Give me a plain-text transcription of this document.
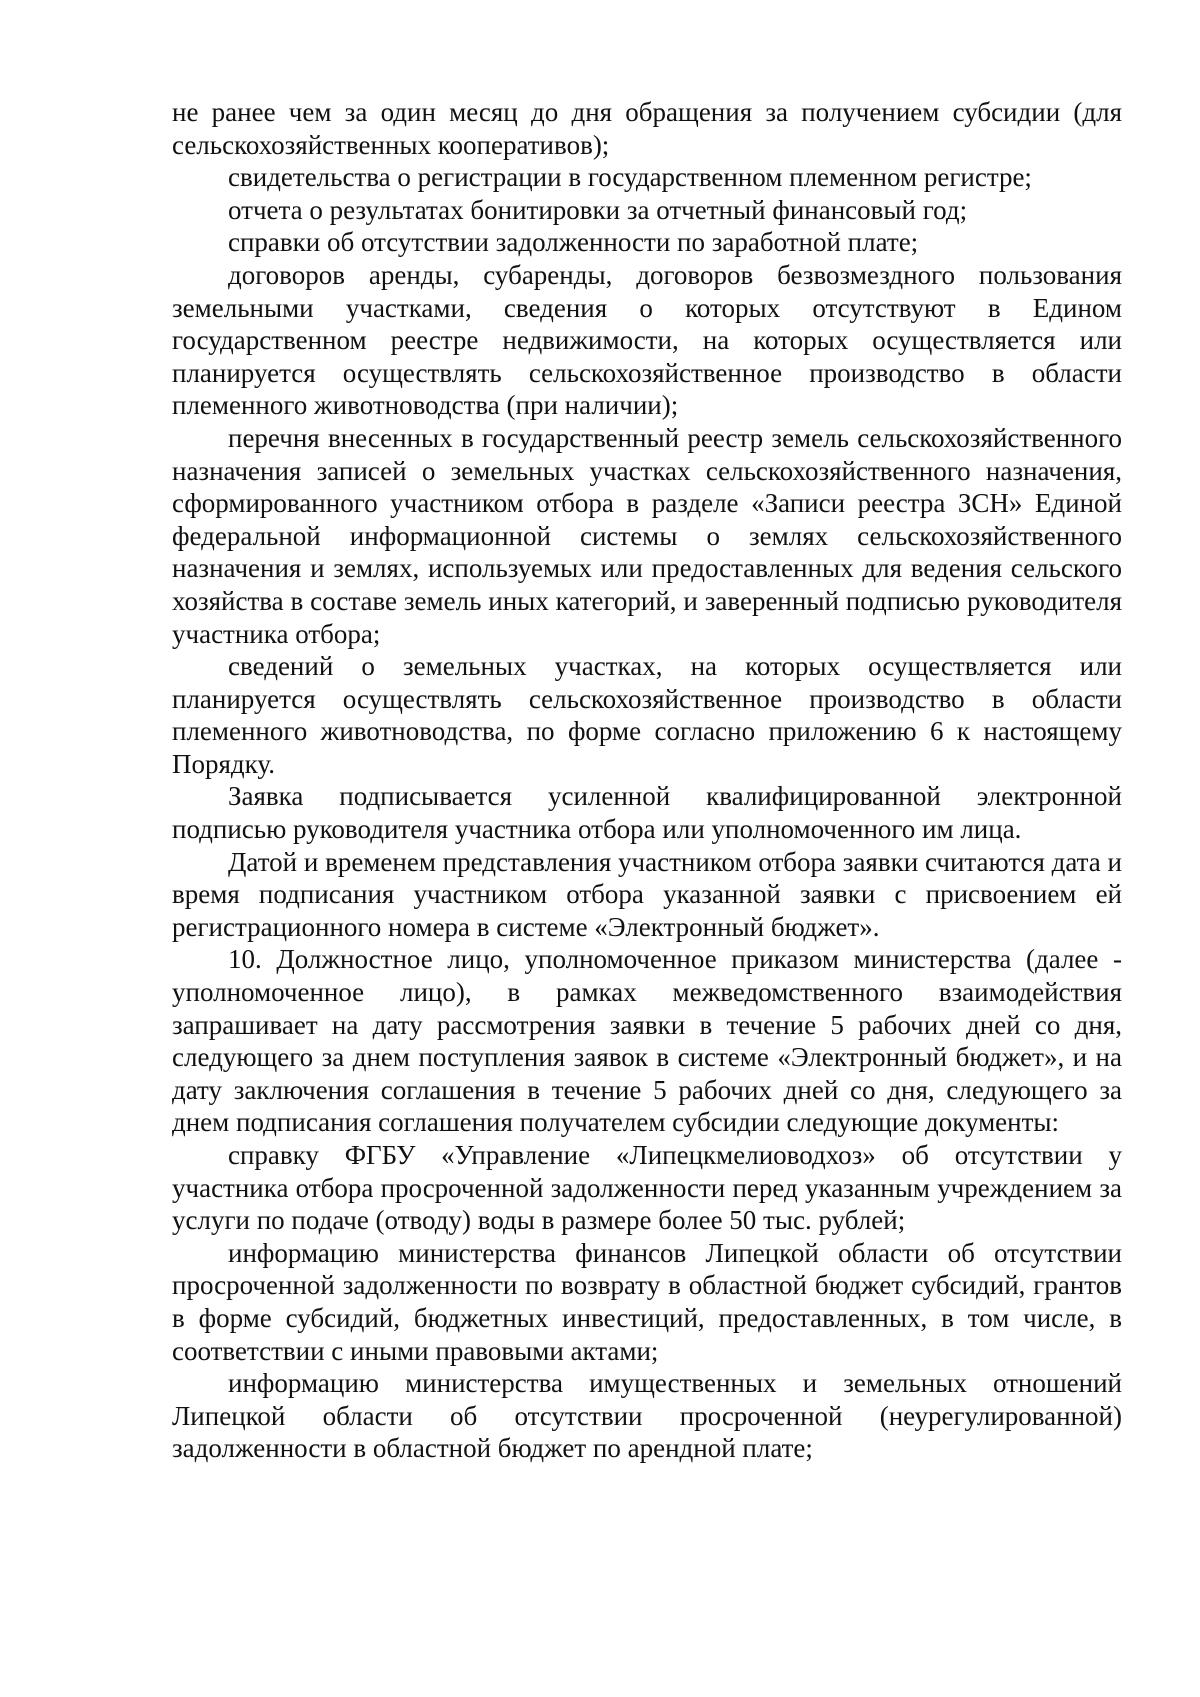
не ранее чем за один месяц до дня обращения за получением субсидии (для сельскохозяйственных кооперативов);

свидетельства о регистрации в государственном племенном регистре;

отчета о результатах бонитировки за отчетный финансовый год;

справки об отсутствии задолженности по заработной плате;

договоров аренды, субаренды, договоров безвозмездного пользования земельными участками, сведения о которых отсутствуют в Едином государственном реестре недвижимости, на которых осуществляется или планируется осуществлять сельскохозяйственное производство в области племенного животноводства (при наличии);

перечня внесенных в государственный реестр земель сельскохозяйственного назначения записей о земельных участках сельскохозяйственного назначения, сформированного участником отбора в разделе «Записи реестра ЗСН» Единой федеральной информационной системы о землях сельскохозяйственного назначения и землях, используемых или предоставленных для ведения сельского хозяйства в составе земель иных категорий, и заверенный подписью руководителя участника отбора;

сведений о земельных участках, на которых осуществляется или планируется осуществлять сельскохозяйственное производство в области племенного животноводства, по форме согласно приложению 6 к настоящему Порядку.

Заявка подписывается усиленной квалифицированной электронной подписью руководителя участника отбора или уполномоченного им лица.

Датой и временем представления участником отбора заявки считаются дата и время подписания участником отбора указанной заявки с присвоением ей регистрационного номера в системе «Электронный бюджет».

10. Должностное лицо, уполномоченное приказом министерства (далее - уполномоченное лицо), в рамках межведомственного взаимодействия запрашивает на дату рассмотрения заявки в течение 5 рабочих дней со дня, следующего за днем поступления заявок в системе «Электронный бюджет», и на дату заключения соглашения в течение 5 рабочих дней со дня, следующего за днем подписания соглашения получателем субсидии следующие документы:

справку ФГБУ «Управление «Липецкмелиоводхоз» об отсутствии у участника отбора просроченной задолженности перед указанным учреждением за услуги по подаче (отводу) воды в размере более 50 тыс. рублей;

информацию министерства финансов Липецкой области об отсутствии просроченной задолженности по возврату в областной бюджет субсидий, грантов в форме субсидий, бюджетных инвестиций, предоставленных, в том числе, в соответствии с иными правовыми актами;

информацию министерства имущественных и земельных отношений Липецкой области об отсутствии просроченной (неурегулированной) задолженности в областной бюджет по арендной плате;
